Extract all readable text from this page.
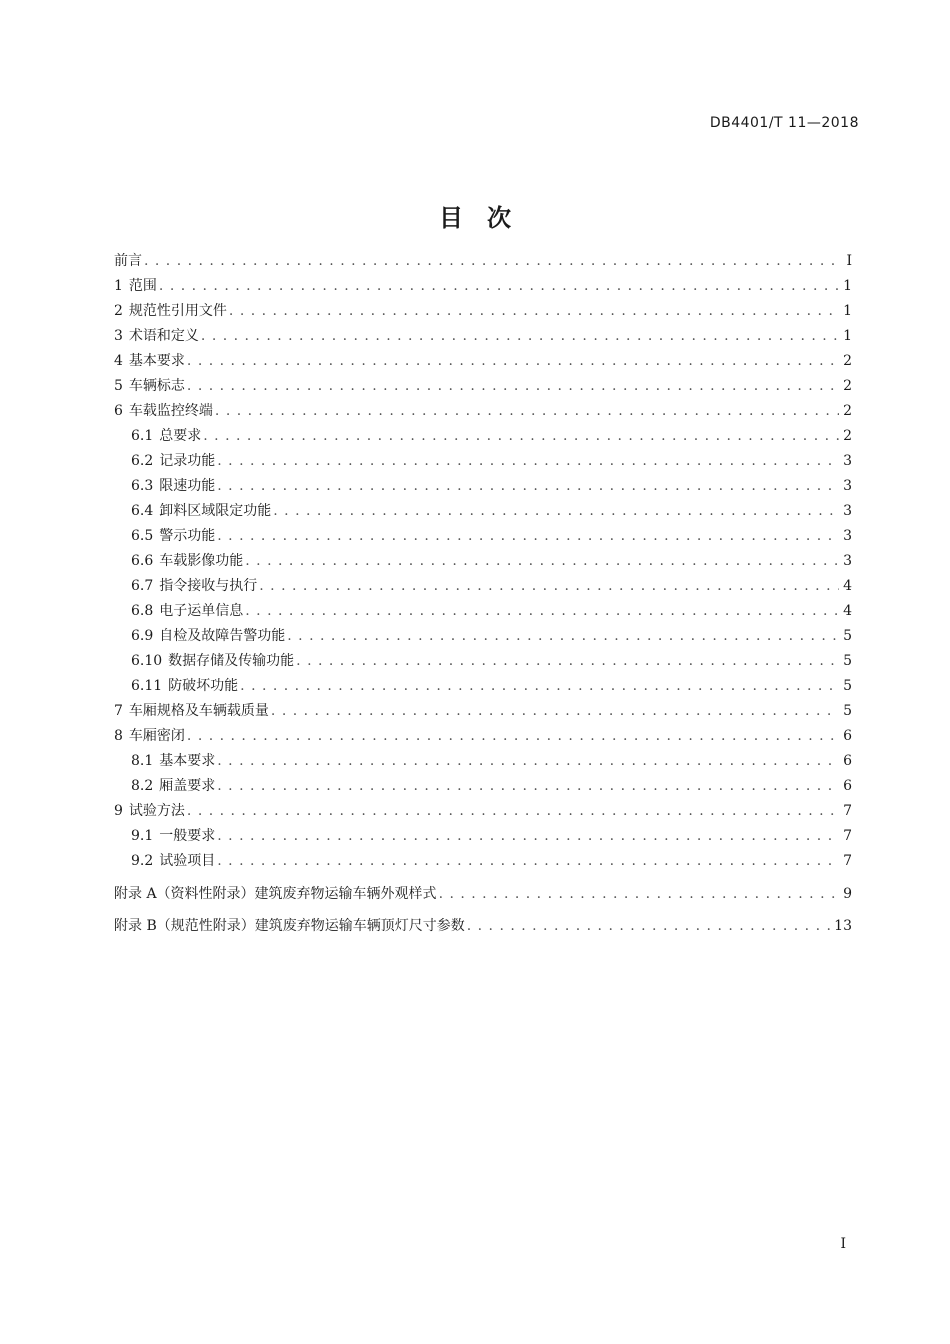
DB4401/T 11—2018
目 次
前言 . . .	I
1 范围 . . .	1
2 规范性引用文件 . . .	1
3 术语和定义 . . .	1
4 基本要求 . . .	2
5 车辆标志 . . .	2
6 车载监控终端 . . .	2
6.1 总要求 . . .	2
6.2 记录功能 . . .	3
6.3 限速功能 . . .	3
6.4 卸料区域限定功能 . . .	3
6.5 警示功能 . . .	3
6.6 车载影像功能 . . .	3
6.7 指令接收与执行 . . .	4
6.8 电子运单信息 . . .	4
6.9 自检及故障告警功能 . . .	5
6.10 数据存储及传输功能 . . .	5
6.11 防破坏功能 . . .	5
7 车厢规格及车辆载质量 . . .	5
8 车厢密闭 . . .	6
8.1 基本要求 . . .	6
8.2 厢盖要求 . . .	6
9 试验方法 . . .	7
9.1 一般要求 . . .	7
9.2 试验项目 . . .	7
附录 A（资料性附录）建筑废弃物运输车辆外观样式 . . .	9
附录 B（规范性附录）建筑废弃物运输车辆顶灯尺寸参数 . . .	13
I
